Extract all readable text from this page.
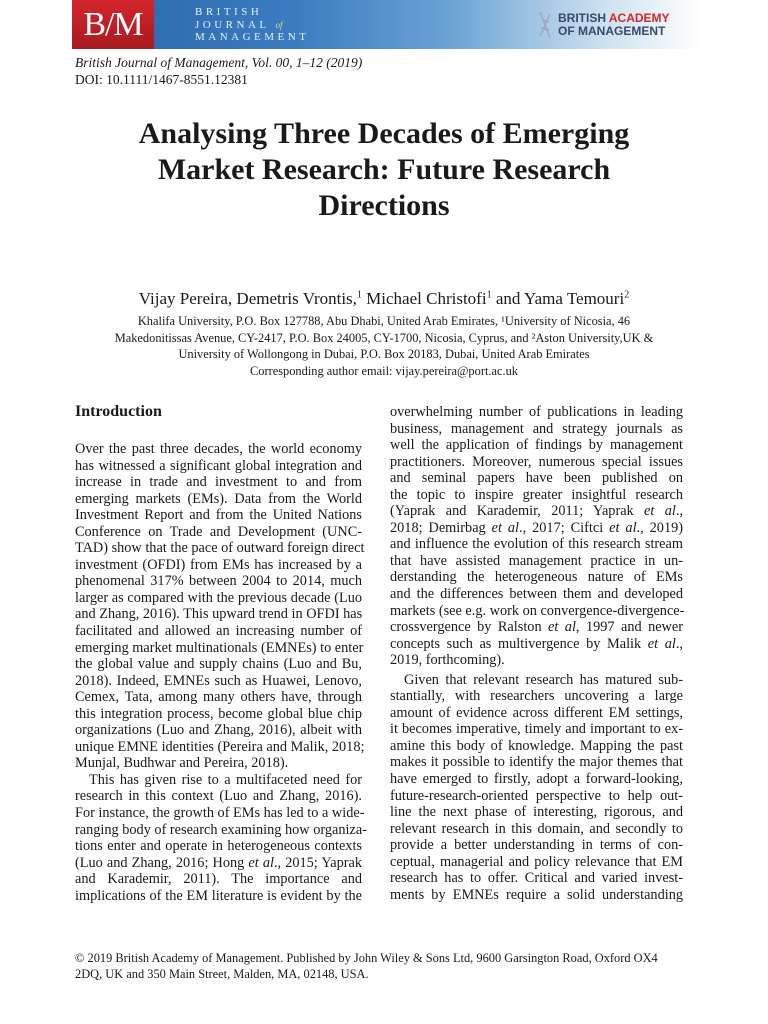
B/M	BRITISH
JOURNAL of
MANAGEMENT
BRITISH ACADEMY
OF MANAGEMENT
British Journal of Management, Vol. 00, 1–12 (2019)
DOI: 10.1111/1467-8551.12381
Analysing Three Decades of Emerging
Market Research: Future Research
Directions
Vijay Pereira, Demetris Vrontis,$^1$ Michael Christofi$^1$ and Yama Temouri$^2$
Khalifa University, P.O. Box 127788, Abu Dhabi, United Arab Emirates, ¹University of Nicosia, 46
Makedonitissas Avenue, CY-2417, P.O. Box 24005, CY-1700, Nicosia, Cyprus, and ²Aston University,UK &
University of Wollongong in Dubai, P.O. Box 20183, Dubai, United Arab Emirates
Corresponding author email: vijay.pereira@port.ac.uk
Introduction
Over the past three decades, the world economy
has witnessed a significant global integration and
increase in trade and investment to and from
emerging markets (EMs). Data from the World
Investment Report and from the United Nations
Conference on Trade and Development (UNC-
TAD) show that the pace of outward foreign direct
investment (OFDI) from EMs has increased by a
phenomenal 317% between 2004 to 2014, much
larger as compared with the previous decade (Luo
and Zhang, 2016). This upward trend in OFDI has
facilitated and allowed an increasing number of
emerging market multinationals (EMNEs) to enter
the global value and supply chains (Luo and Bu,
2018). Indeed, EMNEs such as Huawei, Lenovo,
Cemex, Tata, among many others have, through
this integration process, become global blue chip
organizations (Luo and Zhang, 2016), albeit with
unique EMNE identities (Pereira and Malik, 2018;
Munjal, Budhwar and Pereira, 2018).
This has given rise to a multifaceted need for
research in this context (Luo and Zhang, 2016).
For instance, the growth of EMs has led to a wide-
ranging body of research examining how organiza-
tions enter and operate in heterogeneous contexts
(Luo and Zhang, 2016; Hong et al., 2015; Yaprak
and Karademir, 2011). The importance and
implications of the EM literature is evident by the
overwhelming number of publications in leading
business, management and strategy journals as
well the application of findings by management
practitioners. Moreover, numerous special issues
and seminal papers have been published on
the topic to inspire greater insightful research
(Yaprak and Karademir, 2011; Yaprak et al.,
2018; Demirbag et al., 2017; Ciftci et al., 2019)
and influence the evolution of this research stream
that have assisted management practice in un-
derstanding the heterogeneous nature of EMs
and the differences between them and developed
markets (see e.g. work on convergence-divergence-
crossvergence by Ralston et al, 1997 and newer
concepts such as multivergence by Malik et al.,
2019, forthcoming).
Given that relevant research has matured sub-
stantially, with researchers uncovering a large
amount of evidence across different EM settings,
it becomes imperative, timely and important to ex-
amine this body of knowledge. Mapping the past
makes it possible to identify the major themes that
have emerged to firstly, adopt a forward-looking,
future-research-oriented perspective to help out-
line the next phase of interesting, rigorous, and
relevant research in this domain, and secondly to
provide a better understanding in terms of con-
ceptual, managerial and policy relevance that EM
research has to offer. Critical and varied invest-
ments by EMNEs require a solid understanding
© 2019 British Academy of Management. Published by John Wiley & Sons Ltd, 9600 Garsington Road, Oxford OX4
2DQ, UK and 350 Main Street, Malden, MA, 02148, USA.
